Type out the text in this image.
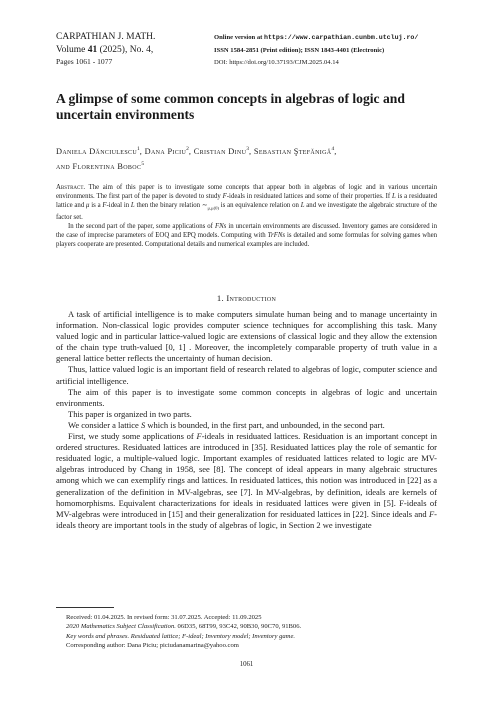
CARPATHIAN J. MATH.
Volume 41 (2025), No. 4,
Pages 1061 - 1077
Online version at https://www.carpathian.cunbm.utcluj.ro/
ISSN 1584-2851 (Print edition); ISSN 1843-4401 (Electronic)
DOI: https://doi.org/10.37193/CJM.2025.04.14
A glimpse of some common concepts in algebras of logic and uncertain environments
Daniela Dănciulescu$^1$, Dana Piciu$^2$, Cristian Dinu$^3$, Sebastian Ştefănigă$^4$,
and Florentina Boboc$^5$

Abstract. The aim of this paper is to investigate some concepts that appear both in algebras of logic and in various uncertain environments. The first part of the paper is devoted to study F-ideals in residuated lattices and some of their properties. If L is a residuated lattice and μ is a F-ideal in L then the binary relation $\sim_{\mu,\mu(0)}$ is an equivalence relation on L and we investigate the algebraic structure of the factor set.

In the second part of the paper, some applications of FNs in uncertain environments are discussed. Inventory games are considered in the case of imprecise parameters of EOQ and EPQ models. Computing with TrFNs is detailed and some formulas for solving games when players cooperate are presented. Computational details and numerical examples are included.

1. Introduction

A task of artificial intelligence is to make computers simulate human being and to manage uncertainty in information. Non-classical logic provides computer science techniques for accomplishing this task. Many valued logic and in particular lattice-valued logic are extensions of classical logic and they allow the extension of the chain type truth-valued [0, 1] . Moreover, the incompletely comparable property of truth value in a general lattice better reflects the uncertainty of human decision.

Thus, lattice valued logic is an important field of research related to algebras of logic, computer science and artificial intelligence.

The aim of this paper is to investigate some common concepts in algebras of logic and uncertain environments.

This paper is organized in two parts.

We consider a lattice S which is bounded, in the first part, and unbounded, in the second part.

First, we study some applications of F-ideals in residuated lattices. Residuation is an important concept in ordered structures. Residuated lattices are introduced in [35]. Residuated lattices play the role of semantic for residuated logic, a multiple-valued logic. Important examples of residuated lattices related to logic are MV-algebras introduced by Chang in 1958, see [8]. The concept of ideal appears in many algebraic structures among which we can exemplify rings and lattices. In residuated lattices, this notion was introduced in [22] as a generalization of the definition in MV-algebras, see [7]. In MV-algebras, by definition, ideals are kernels of homomorphisms. Equivalent characterizations for ideals in residuated lattices were given in [5]. F-ideals of MV-algebras were introduced in [15] and their generalization for residuated lattices in [22]. Since ideals and F-ideals theory are important tools in the study of algebras of logic, in Section 2 we investigate

Received: 01.04.2025. In revised form: 31.07.2025. Accepted: 11.09.2025

2020 Mathematics Subject Classification. 06D35, 68T99, 93C42, 90B30, 90C70, 91B06.

Key words and phrases. Residuated lattice; F-ideal; Inventory model; Inventory game.

Corresponding author: Dana Piciu; piciudanamarina@yahoo.com

1061
